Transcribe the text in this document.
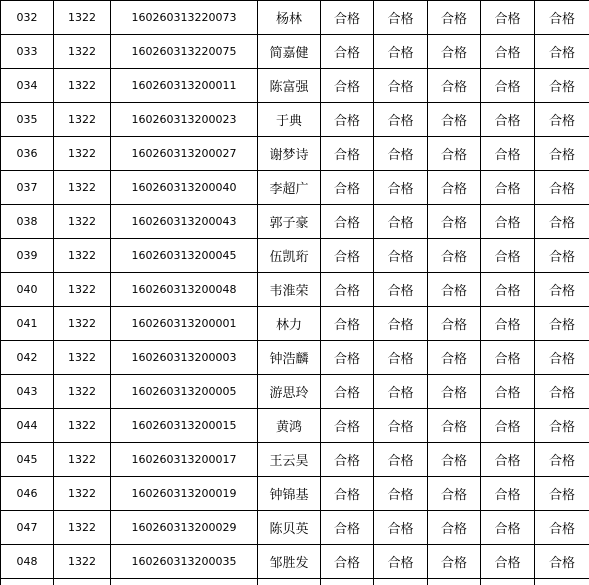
032	1322	160260313220073	杨林	合格	合格	合格	合格	合格
033	1322	160260313220075	简嘉健	合格	合格	合格	合格	合格
034	1322	160260313200011	陈富强	合格	合格	合格	合格	合格
035	1322	160260313200023	于典	合格	合格	合格	合格	合格
036	1322	160260313200027	谢梦诗	合格	合格	合格	合格	合格
037	1322	160260313200040	李超广	合格	合格	合格	合格	合格
038	1322	160260313200043	郭子豪	合格	合格	合格	合格	合格
039	1322	160260313200045	伍凯珩	合格	合格	合格	合格	合格
040	1322	160260313200048	韦淮荣	合格	合格	合格	合格	合格
041	1322	160260313200001	林力	合格	合格	合格	合格	合格
042	1322	160260313200003	钟浩麟	合格	合格	合格	合格	合格
043	1322	160260313200005	游思玲	合格	合格	合格	合格	合格
044	1322	160260313200015	黄鸿	合格	合格	合格	合格	合格
045	1322	160260313200017	王云昊	合格	合格	合格	合格	合格
046	1322	160260313200019	钟锦基	合格	合格	合格	合格	合格
047	1322	160260313200029	陈贝英	合格	合格	合格	合格	合格
048	1322	160260313200035	邹胜发	合格	合格	合格	合格	合格
